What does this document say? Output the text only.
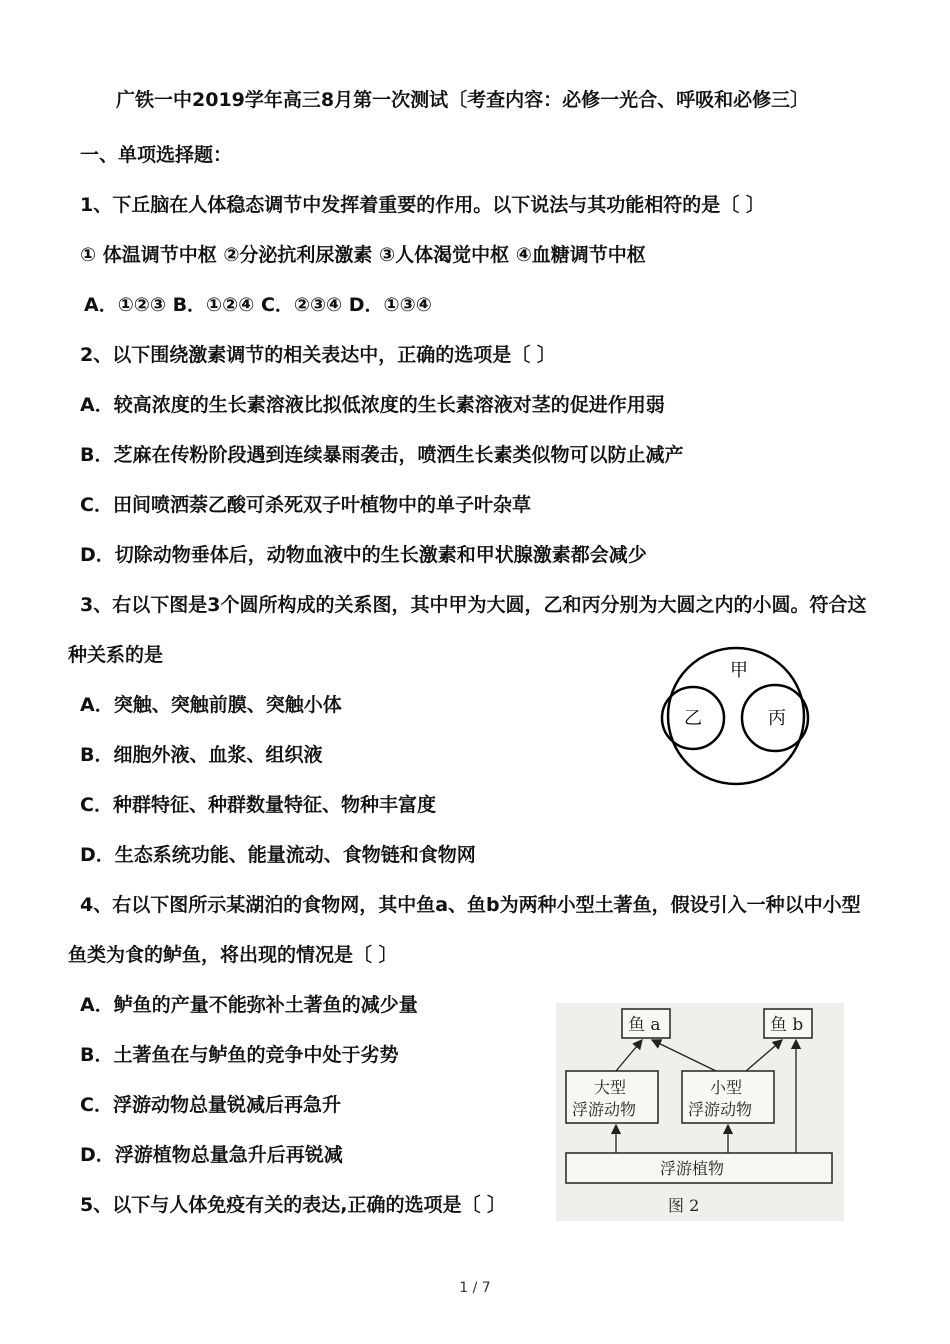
广铁一中2019学年高三8月第一次测试〔考查内容：必修一光合、呼吸和必修三〕
一、单项选择题：
1、下丘脑在人体稳态调节中发挥着重要的作用。以下说法与其功能相符的是〔 〕
① 体温调节中枢 ②分泌抗利尿激素 ③人体渴觉中枢 ④血糖调节中枢
A．①②③ B．①②④ C．②③④ D．①③④
2、以下围绕激素调节的相关表达中，正确的选项是〔 〕
A．较高浓度的生长素溶液比拟低浓度的生长素溶液对茎的促进作用弱
B．芝麻在传粉阶段遇到连续暴雨袭击，喷洒生长素类似物可以防止减产
C．田间喷洒萘乙酸可杀死双子叶植物中的单子叶杂草
D．切除动物垂体后，动物血液中的生长激素和甲状腺激素都会减少
3、右以下图是3个圆所构成的关系图，其中甲为大圆，乙和丙分别为大圆之内的小圆。符合这
种关系的是
A．突触、突触前膜、突触小体
B．细胞外液、血浆、组织液
C．种群特征、种群数量特征、物种丰富度
D．生态系统功能、能量流动、食物链和食物网
甲
乙	丙
4、右以下图所示某湖泊的食物网，其中鱼a、鱼b为两种小型土著鱼，假设引入一种以中小型
鱼类为食的鲈鱼，将出现的情况是〔 〕
A．鲈鱼的产量不能弥补土著鱼的减少量
B．土著鱼在与鲈鱼的竞争中处于劣势
C．浮游动物总量锐减后再急升
D．浮游植物总量急升后再锐减
5、以下与人体免疫有关的表达,正确的选项是〔 〕
鱼 a	鱼 b
大型
浮游动物
小型
浮游动物
浮游植物
图 2
1 / 7
